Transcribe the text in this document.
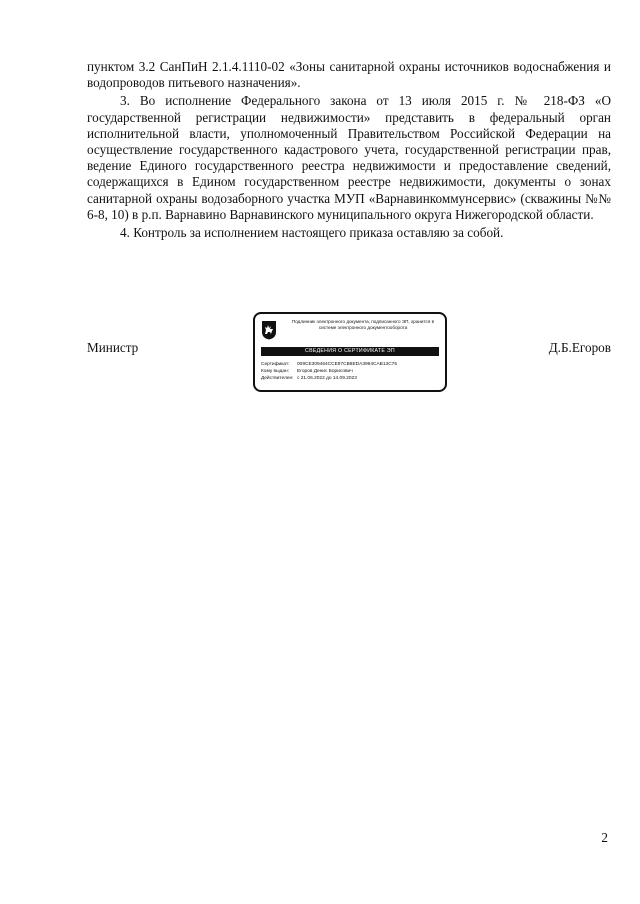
пунктом 3.2 СанПиН 2.1.4.1110-02 «Зоны санитарной охраны источников водоснабжения и водопроводов питьевого назначения».

3. Во исполнение Федерального закона от 13 июля 2015 г. № 218-ФЗ «О государственной регистрации недвижимости» представить в федеральный орган исполнительной власти, уполномоченный Правительством Российской Федерации на осуществление государственного кадастрового учета, государственной регистрации прав, ведение Единого государственного реестра недвижимости и предоставление сведений, содержащихся в Едином государственном реестре недвижимости, документы о зонах санитарной охраны водозаборного участка МУП «Варнавинкоммунсервис» (скважины №№ 6-8, 10) в р.п. Варнавино Варнавинского муниципального округа Нижегородской области.

4. Контроль за исполнением настоящего приказа оставляю за собой.

Министр	Д.Б.Егоров
Подлинник электронного документа, подписанного ЭП, хранится в системе электронного документооборота
СВЕДЕНИЯ О СЕРТИФИКАТЕ ЭП
Сертификат: 009CE309464CCE97CB8EDA3994CAB13C75
Кому выдан: Егоров Денис Борисович
Действителен: с 21.06.2022 до 14.09.2023
2
